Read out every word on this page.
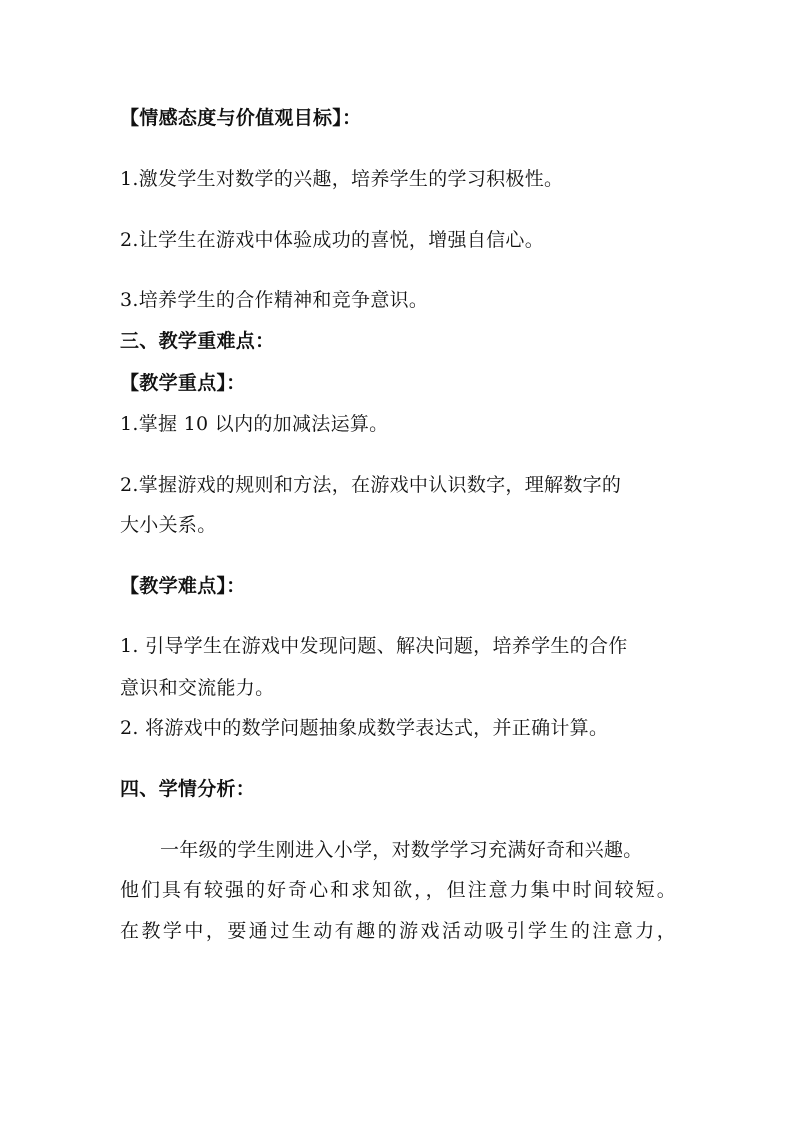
【情感态度与价值观目标】：
1.激发学生对数学的兴趣，培养学生的学习积极性。
2.让学生在游戏中体验成功的喜悦，增强自信心。
3.培养学生的合作精神和竞争意识。
三、教学重难点：
【教学重点】：
1.掌握 10 以内的加减法运算。
2.掌握游戏的规则和方法，在游戏中认识数字，理解数字的
大小关系。
【教学难点】：
1. 引导学生在游戏中发现问题、解决问题，培养学生的合作
意识和交流能力。
2. 将游戏中的数学问题抽象成数学表达式，并正确计算。
四、学情分析：
一年级的学生刚进入小学，对数学学习充满好奇和兴趣。
他们具有较强的好奇心和求知欲，，但注意力集中时间较短。
在教学中，要通过生动有趣的游戏活动吸引学生的注意力，
